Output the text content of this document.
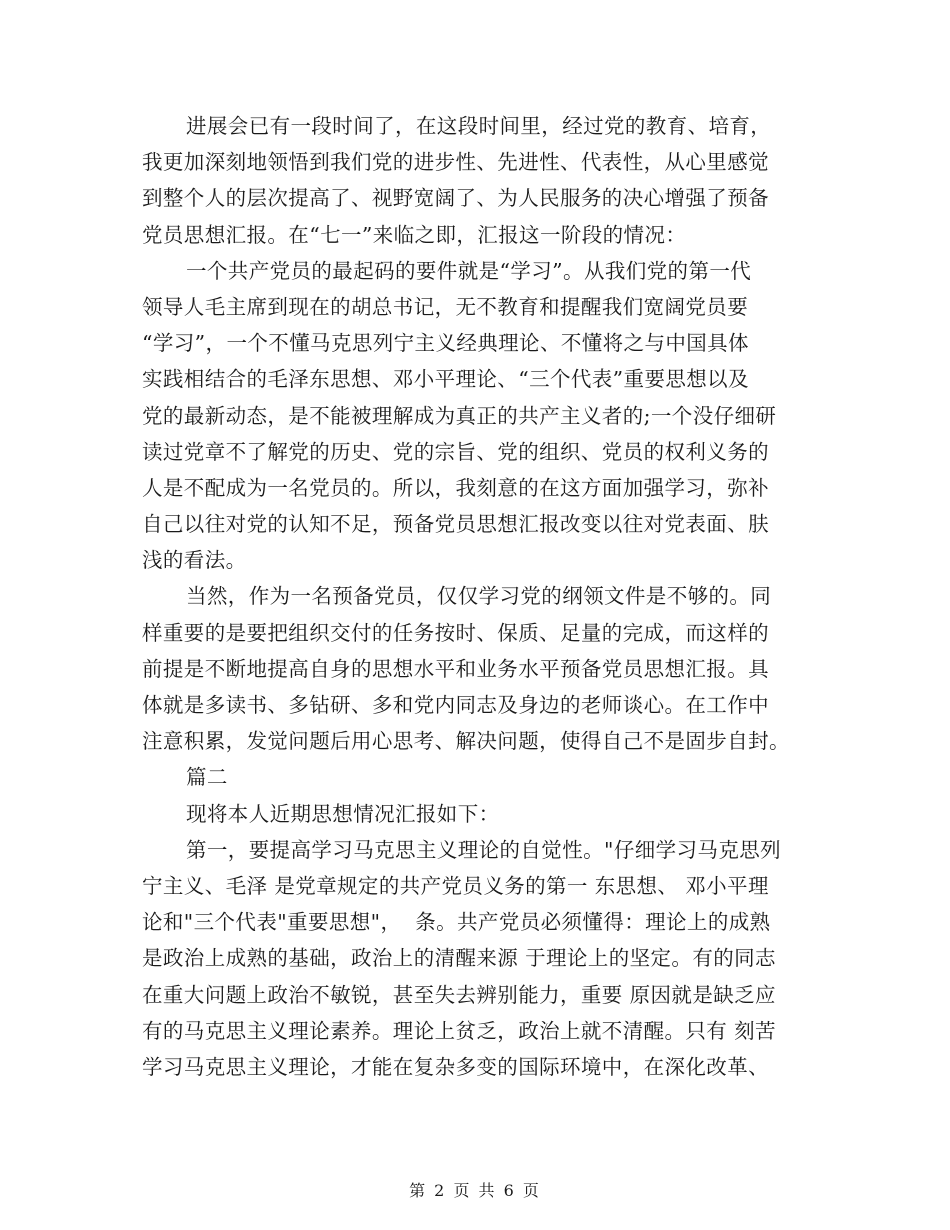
进展会已有一段时间了，在这段时间里，经过党的教育、培育，
我更加深刻地领悟到我们党的进步性、先进性、代表性，从心里感觉
到整个人的层次提高了、视野宽阔了、为人民服务的决心增强了预备
党员思想汇报。在“七一”来临之即，汇报这一阶段的情况：
一个共产党员的最起码的要件就是“学习”。从我们党的第一代
领导人毛主席到现在的胡总书记，无不教育和提醒我们宽阔党员要
“学习”，一个不懂马克思列宁主义经典理论、不懂将之与中国具体
实践相结合的毛泽东思想、邓小平理论、“三个代表”重要思想以及
党的最新动态，是不能被理解成为真正的共产主义者的;一个没仔细研
读过党章不了解党的历史、党的宗旨、党的组织、党员的权利义务的
人是不配成为一名党员的。所以，我刻意的在这方面加强学习，弥补
自己以往对党的认知不足，预备党员思想汇报改变以往对党表面、肤
浅的看法。
当然，作为一名预备党员，仅仅学习党的纲领文件是不够的。同
样重要的是要把组织交付的任务按时、保质、足量的完成，而这样的
前提是不断地提高自身的思想水平和业务水平预备党员思想汇报。具
体就是多读书、多钻研、多和党内同志及身边的老师谈心。在工作中
注意积累，发觉问题后用心思考、解决问题，使得自己不是固步自封。
篇二
现将本人近期思想情况汇报如下：
第一，要提高学习马克思主义理论的自觉性。"仔细学习马克思列
宁主义、毛泽 是党章规定的共产党员义务的第一 东思想、 邓小平理
论和"三个代表"重要思想"，  条。共产党员必须懂得：理论上的成熟
是政治上成熟的基础，政治上的清醒来源 于理论上的坚定。有的同志
在重大问题上政治不敏锐，甚至失去辨别能力，重要 原因就是缺乏应
有的马克思主义理论素养。理论上贫乏，政治上就不清醒。只有 刻苦
学习马克思主义理论，才能在复杂多变的国际环境中，在深化改革、
第 2 页 共 6 页
